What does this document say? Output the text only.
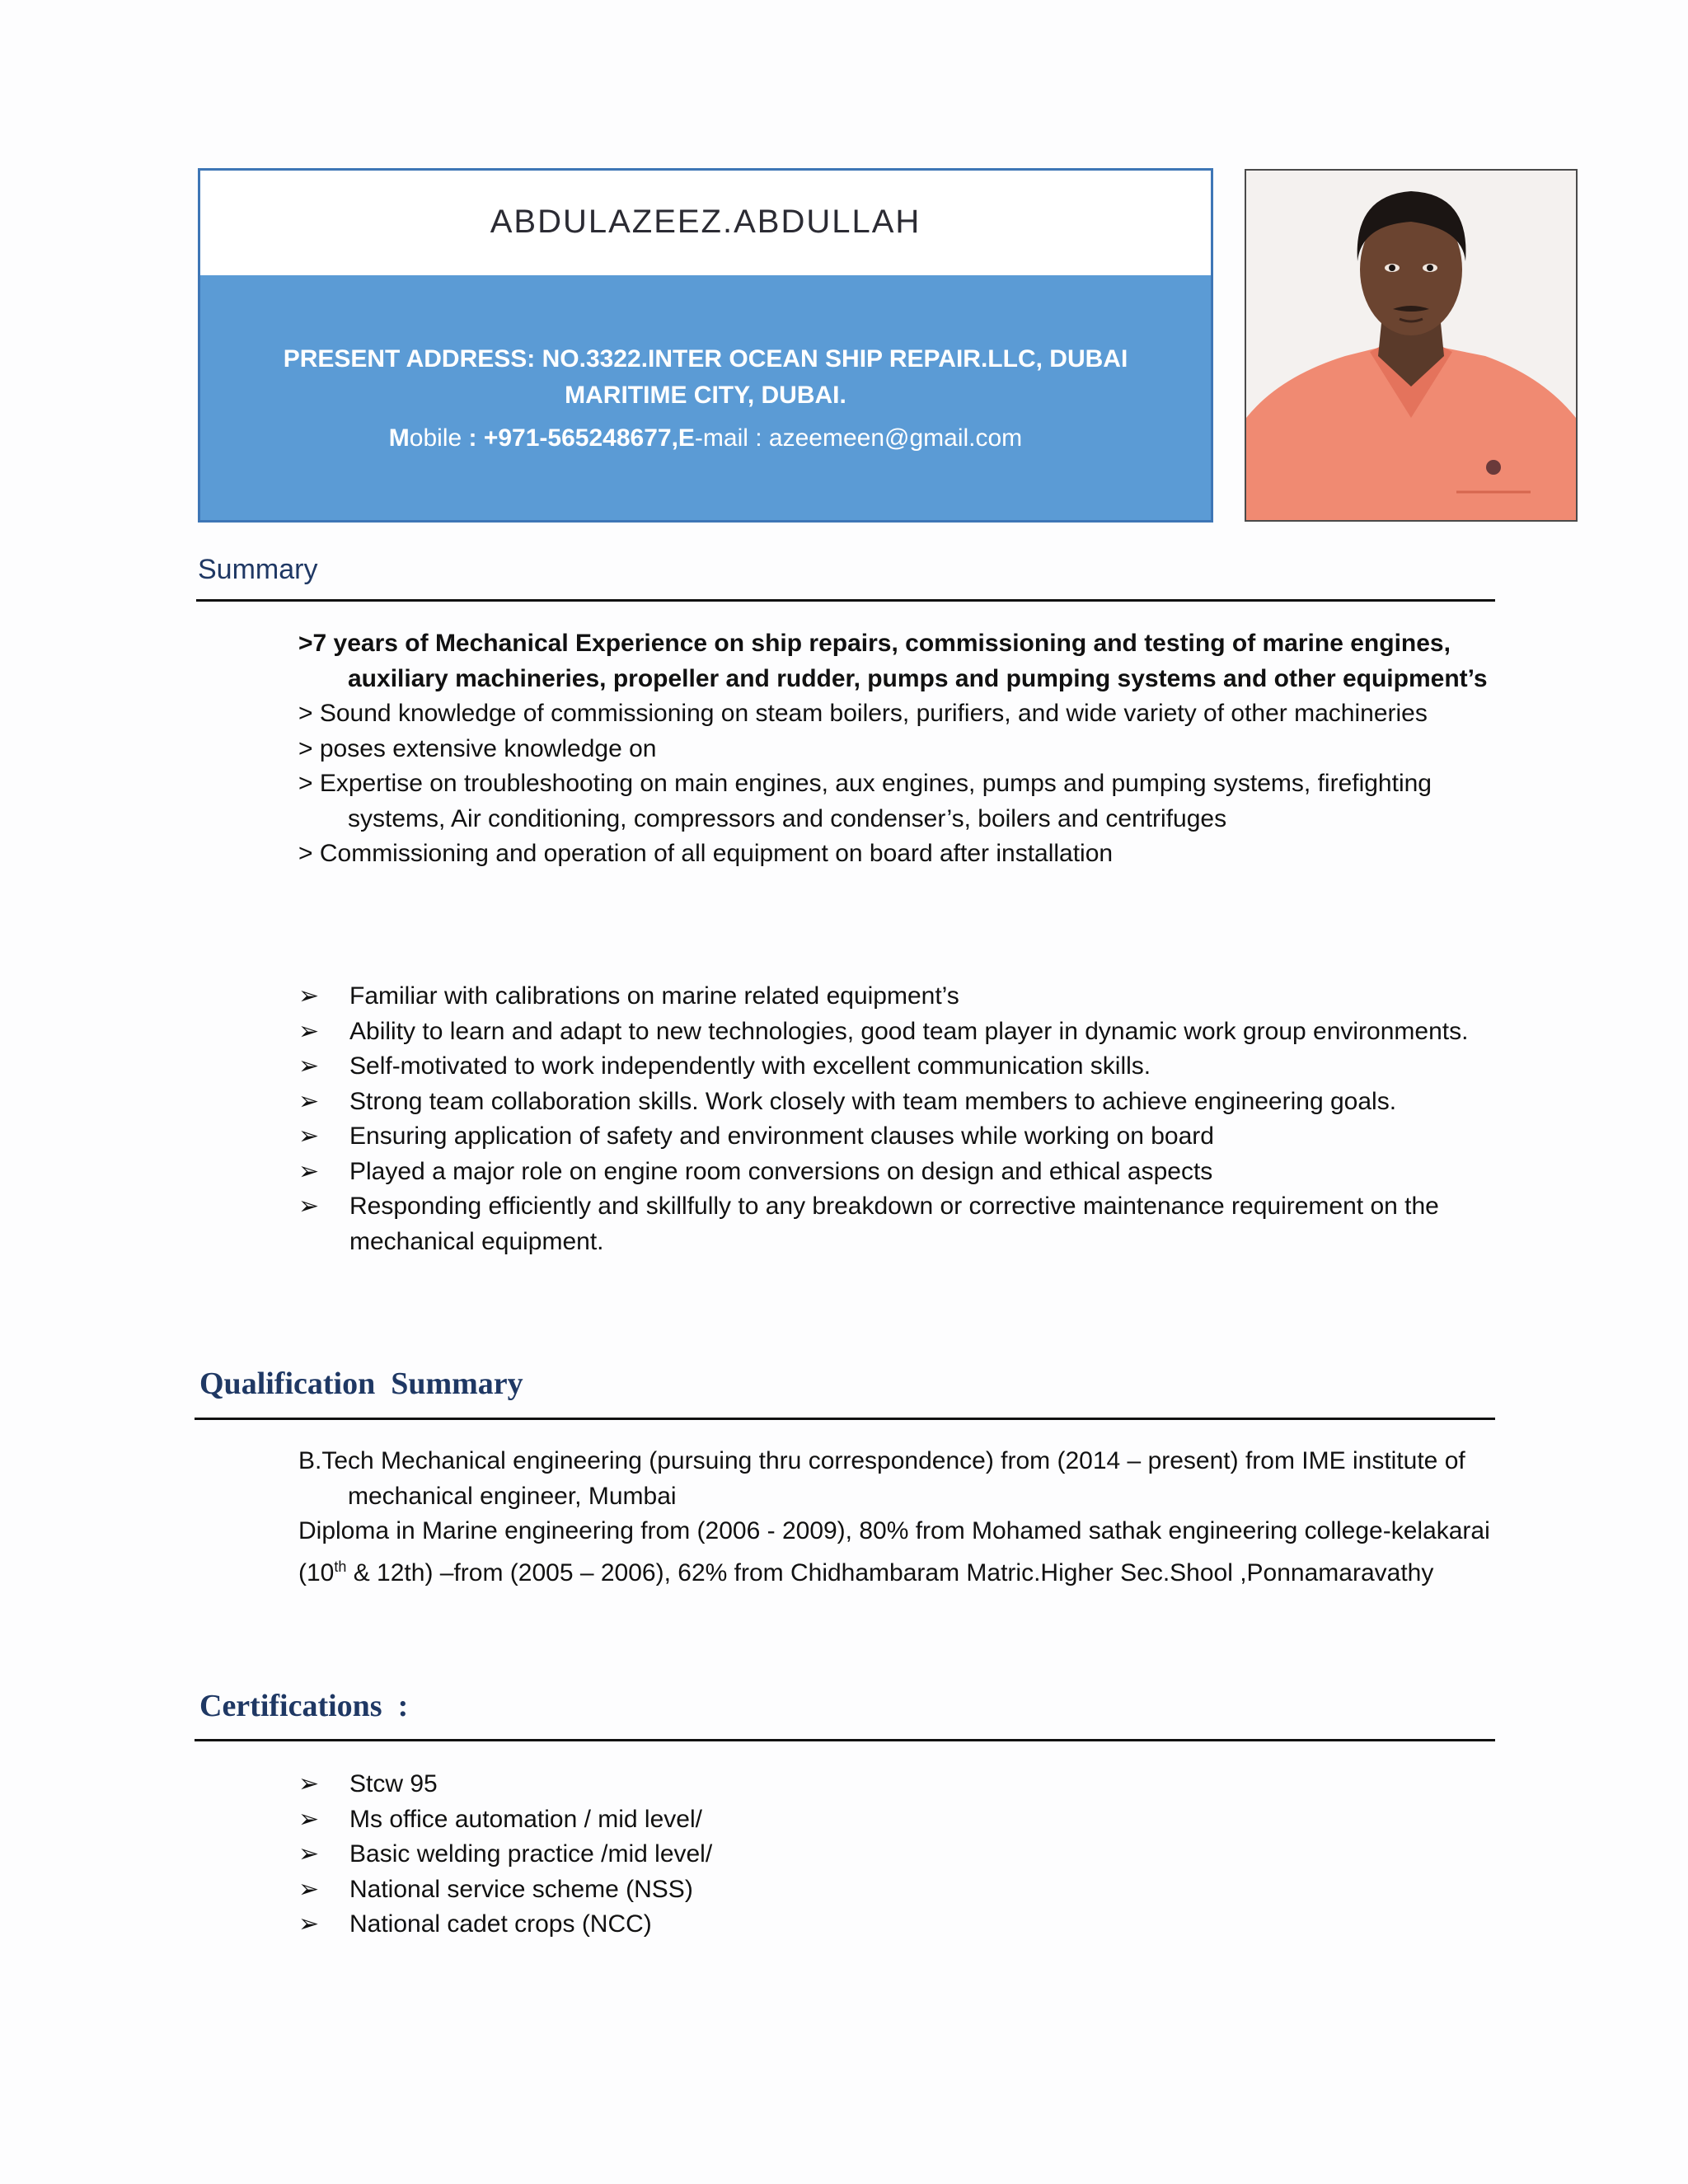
ABDULAZEEZ.ABDULLAH
PRESENT ADDRESS: NO.3322.INTER OCEAN SHIP REPAIR.LLC, DUBAI
MARITIME CITY, DUBAI.
Mobile : +971-565248677,E-mail : azeemeen@gmail.com
Summary
>7 years of Mechanical Experience on ship repairs, commissioning and testing of marine engines, auxiliary machineries, propeller and rudder, pumps and pumping systems and other equipment’s
> Sound knowledge of commissioning on steam boilers, purifiers, and wide variety of other machineries
> poses extensive knowledge on
> Expertise on troubleshooting on main engines, aux engines, pumps and pumping systems, firefighting systems, Air conditioning, compressors and condenser’s, boilers and centrifuges
> Commissioning and operation of all equipment on board after installation
➢	Familiar with calibrations on marine related equipment’s
➢	Ability to learn and adapt to new technologies, good team player in dynamic work group environments.
➢	Self-motivated to work independently with excellent communication skills.
➢	Strong team collaboration skills. Work closely with team members to achieve engineering goals.
➢	Ensuring application of safety and environment clauses while working on board
➢	Played a major role on engine room conversions on design and ethical aspects
➢	Responding efficiently and skillfully to any breakdown or corrective maintenance requirement on the mechanical equipment.
Qualification  Summary
B.Tech Mechanical engineering (pursuing thru correspondence) from (2014 – present) from IME institute of mechanical engineer, Mumbai
Diploma in Marine engineering from (2006 - 2009), 80% from Mohamed sathak engineering college-kelakarai
(10th & 12th) –from (2005 – 2006), 62% from Chidhambaram Matric.Higher Sec.Shool ,Ponnamaravathy
Certifications  :
➢	Stcw 95
➢	Ms office automation / mid level/
➢	Basic welding practice /mid level/
➢	National service scheme (NSS)
➢	National cadet crops (NCC)
